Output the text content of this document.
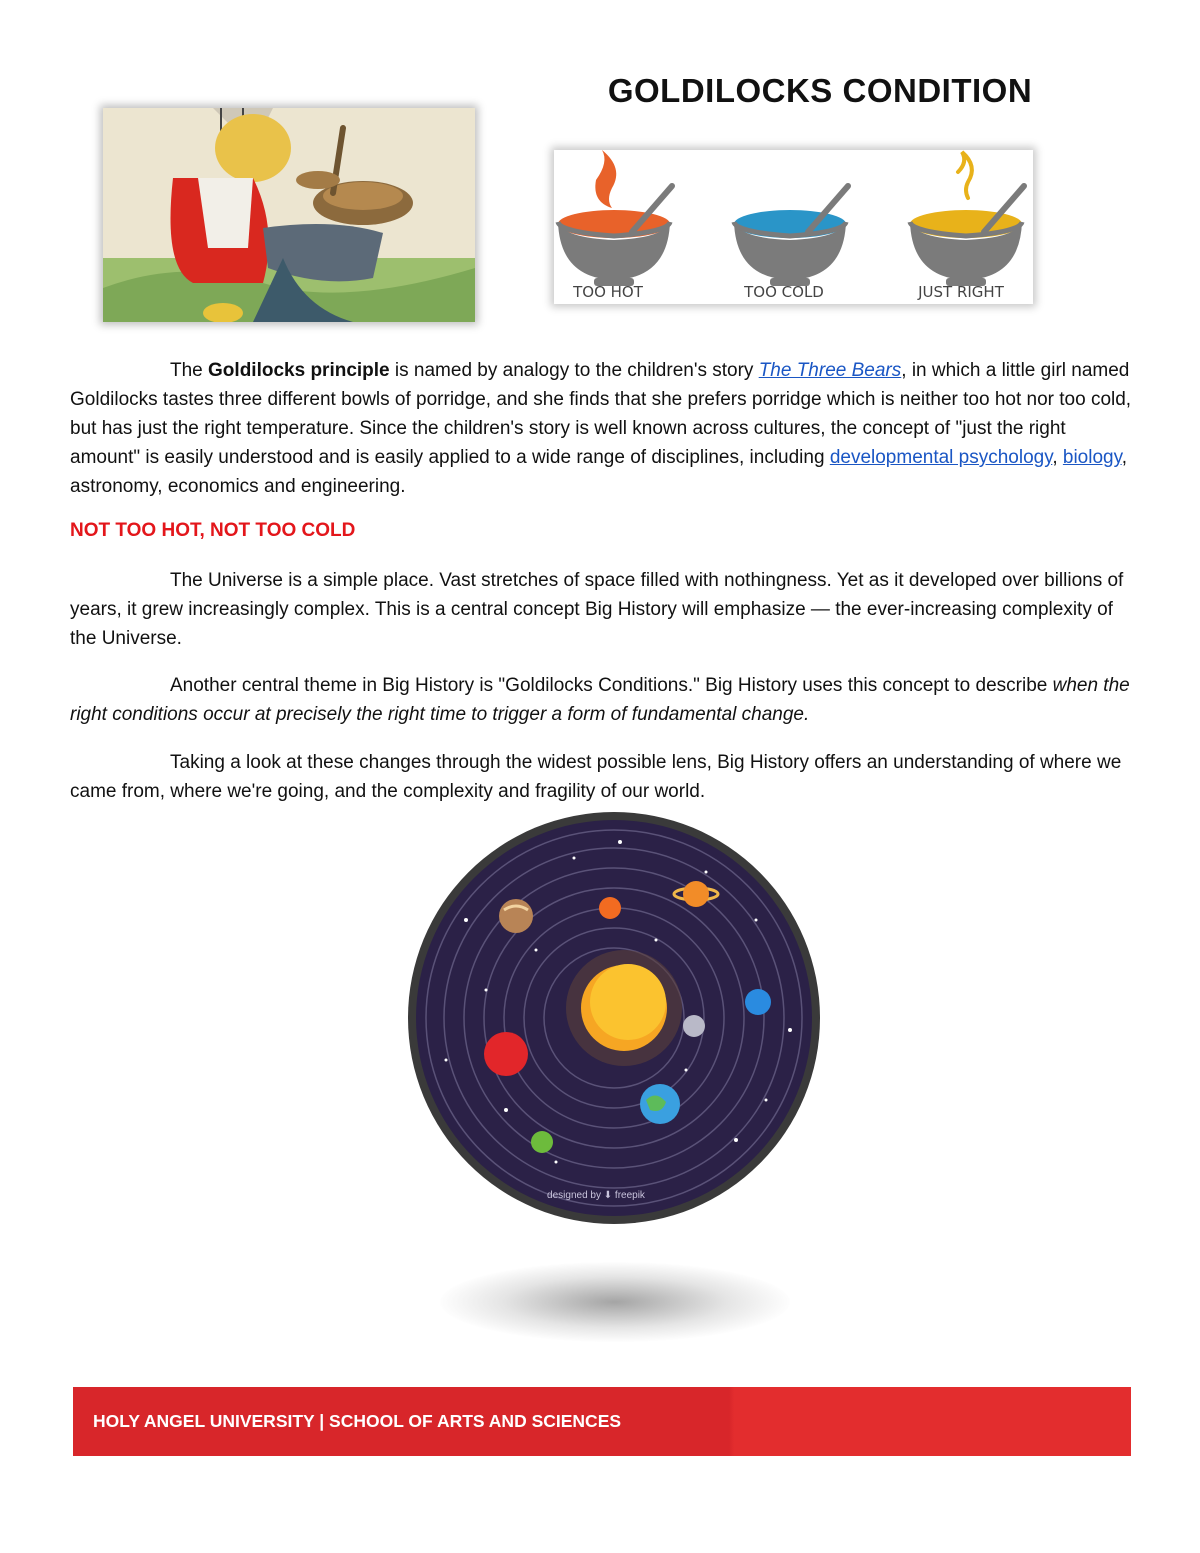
GOLDILOCKS CONDITION
TOO HOT	TOO COLD	JUST RIGHT

The Goldilocks principle is named by analogy to the children's story The Three Bears, in which a little girl named Goldilocks tastes three different bowls of porridge, and she finds that she prefers porridge which is neither too hot nor too cold, but has just the right temperature. Since the children's story is well known across cultures, the concept of "just the right amount" is easily understood and is easily applied to a wide range of disciplines, including developmental psychology, biology, astronomy, economics and engineering.

NOT TOO HOT, NOT TOO COLD

The Universe is a simple place. Vast stretches of space filled with nothingness. Yet as it developed over billions of years, it grew increasingly complex. This is a central concept Big History will emphasize — the ever-increasing complexity of the Universe.

Another central theme in Big History is "Goldilocks Conditions." Big History uses this concept to describe when the right conditions occur at precisely the right time to trigger a form of fundamental change.

Taking a look at these changes through the widest possible lens, Big History offers an understanding of where we came from, where we're going, and the complexity and fragility of our world.

designed by ⬇ freepik
HOLY ANGEL UNIVERSITY | SCHOOL OF ARTS AND SCIENCES
